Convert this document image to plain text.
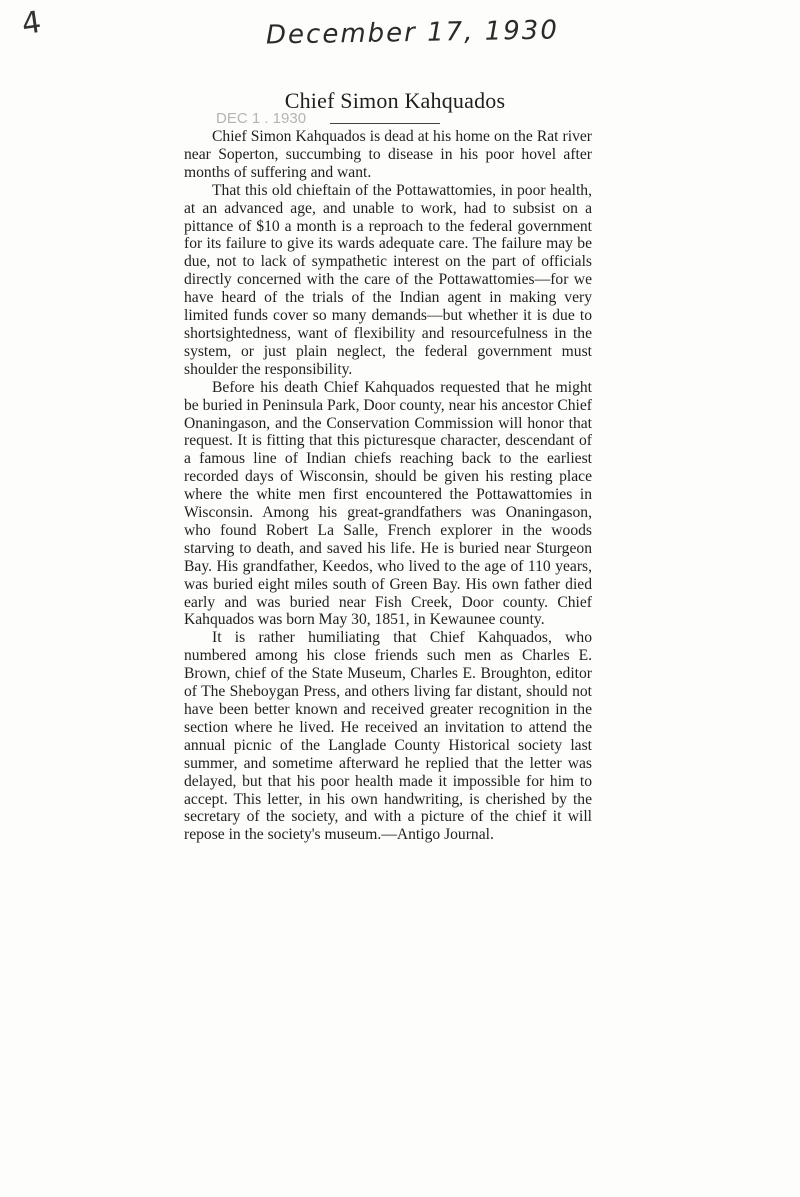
4	December 17, 1930
Chief Simon Kahquados
DEC 1 . 1930

Chief Simon Kahquados is dead at his home on the Rat river near Soperton, succumbing to disease in his poor hovel after months of suffering and want.

That this old chieftain of the Pottawattomies, in poor health, at an advanced age, and unable to work, had to subsist on a pittance of $10 a month is a reproach to the federal government for its failure to give its wards adequate care. The failure may be due, not to lack of sympathetic interest on the part of officials directly concerned with the care of the Pottawattomies—for we have heard of the trials of the Indian agent in making very limited funds cover so many demands—but whether it is due to shortsightedness, want of flexibility and resourcefulness in the system, or just plain neglect, the federal government must shoulder the responsibility.

Before his death Chief Kahquados requested that he might be buried in Peninsula Park, Door county, near his ancestor Chief Onaningason, and the Conservation Commission will honor that request. It is fitting that this picturesque character, descendant of a famous line of Indian chiefs reaching back to the earliest recorded days of Wisconsin, should be given his resting place where the white men first encountered the Pottawattomies in Wisconsin. Among his great-grandfathers was Onaningason, who found Robert La Salle, French explorer in the woods starving to death, and saved his life. He is buried near Sturgeon Bay. His grandfather, Keedos, who lived to the age of 110 years, was buried eight miles south of Green Bay. His own father died early and was buried near Fish Creek, Door county. Chief Kahquados was born May 30, 1851, in Kewaunee county.

It is rather humiliating that Chief Kahquados, who numbered among his close friends such men as Charles E. Brown, chief of the State Museum, Charles E. Broughton, editor of The Sheboygan Press, and others living far distant, should not have been better known and received greater recognition in the section where he lived. He received an invitation to attend the annual picnic of the Langlade County Historical society last summer, and sometime afterward he replied that the letter was delayed, but that his poor health made it impossible for him to accept. This letter, in his own handwriting, is cherished by the secretary of the society, and with a picture of the chief it will repose in the society's museum.—Antigo Journal.
